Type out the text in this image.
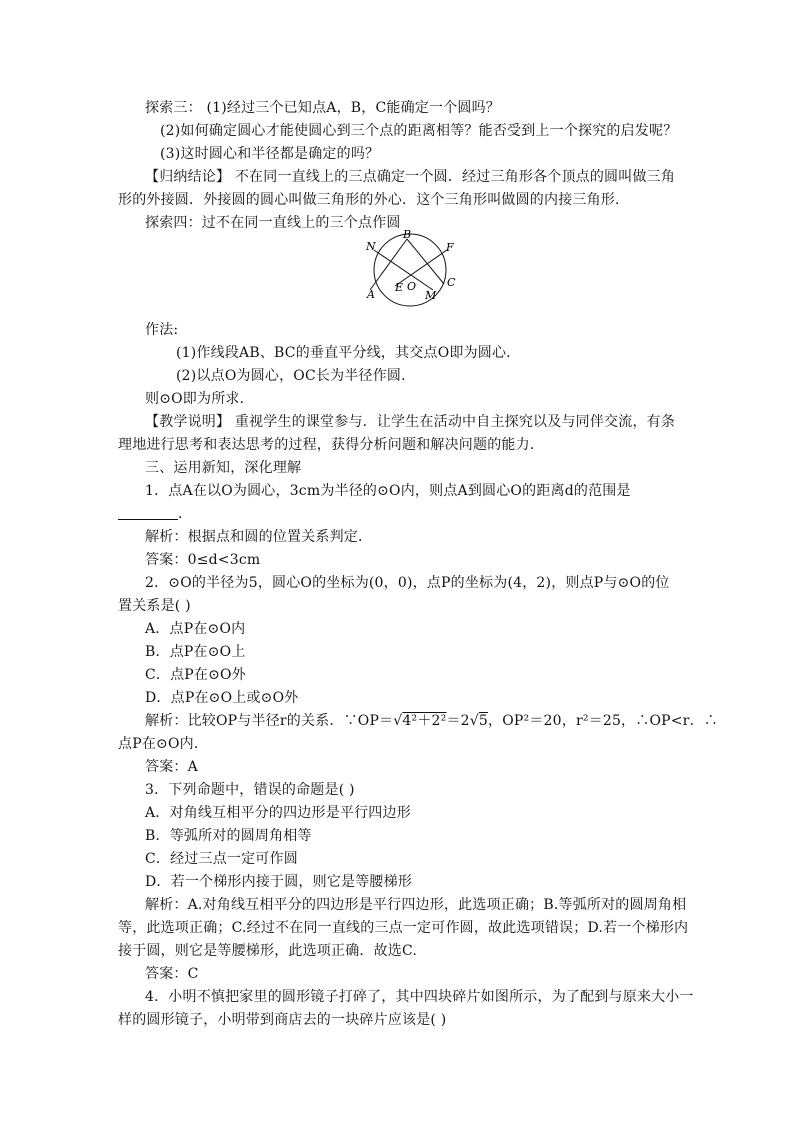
探索三： (1)经过三个已知点A，B，C能确定一个圆吗？
(2)如何确定圆心才能使圆心到三个点的距离相等？能否受到上一个探究的启发呢？
(3)这时圆心和半径都是确定的吗？
【归纳结论】 不在同一直线上的三点确定一个圆．经过三角形各个顶点的圆叫做三角
形的外接圆．外接圆的圆心叫做三角形的外心．这个三角形叫做圆的内接三角形．
探索四：过不在同一直线上的三个点作圆
N
B
F
E O	C
A	M
作法:
(1)作线段AB、BC的垂直平分线，其交点O即为圆心．
(2)以点O为圆心，OC长为半径作圆．
则⊙O即为所求．
【教学说明】 重视学生的课堂参与．让学生在活动中自主探究以及与同伴交流，有条
理地进行思考和表达思考的过程，获得分析问题和解决问题的能力．
三、运用新知，深化理解
1．点A在以O为圆心，3cm为半径的⊙O内，则点A到圆心O的距离d的范围是
．
解析：根据点和圆的位置关系判定．
答案：0≤d<3cm
2．⊙O的半径为5，圆心O的坐标为(0，0)，点P的坐标为(4，2)，则点P与⊙O的位
置关系是( )
A．点P在⊙O内
B．点P在⊙O上
C．点P在⊙O外
D．点P在⊙O上或⊙O外
解析：比较OP与半径r的关系．∵OP＝√4²＋2²＝2√5，OP²＝20，r²＝25，∴OP<r．∴
点P在⊙O内．
答案：A
3．下列命题中，错误的命题是( )
A．对角线互相平分的四边形是平行四边形
B．等弧所对的圆周角相等
C．经过三点一定可作圆
D．若一个梯形内接于圆，则它是等腰梯形
解析：A.对角线互相平分的四边形是平行四边形，此选项正确；B.等弧所对的圆周角相
等，此选项正确；C.经过不在同一直线的三点一定可作圆，故此选项错误；D.若一个梯形内
接于圆，则它是等腰梯形，此选项正确．故选C.
答案：C
4．小明不慎把家里的圆形镜子打碎了，其中四块碎片如图所示，为了配到与原来大小一
样的圆形镜子，小明带到商店去的一块碎片应该是( )
